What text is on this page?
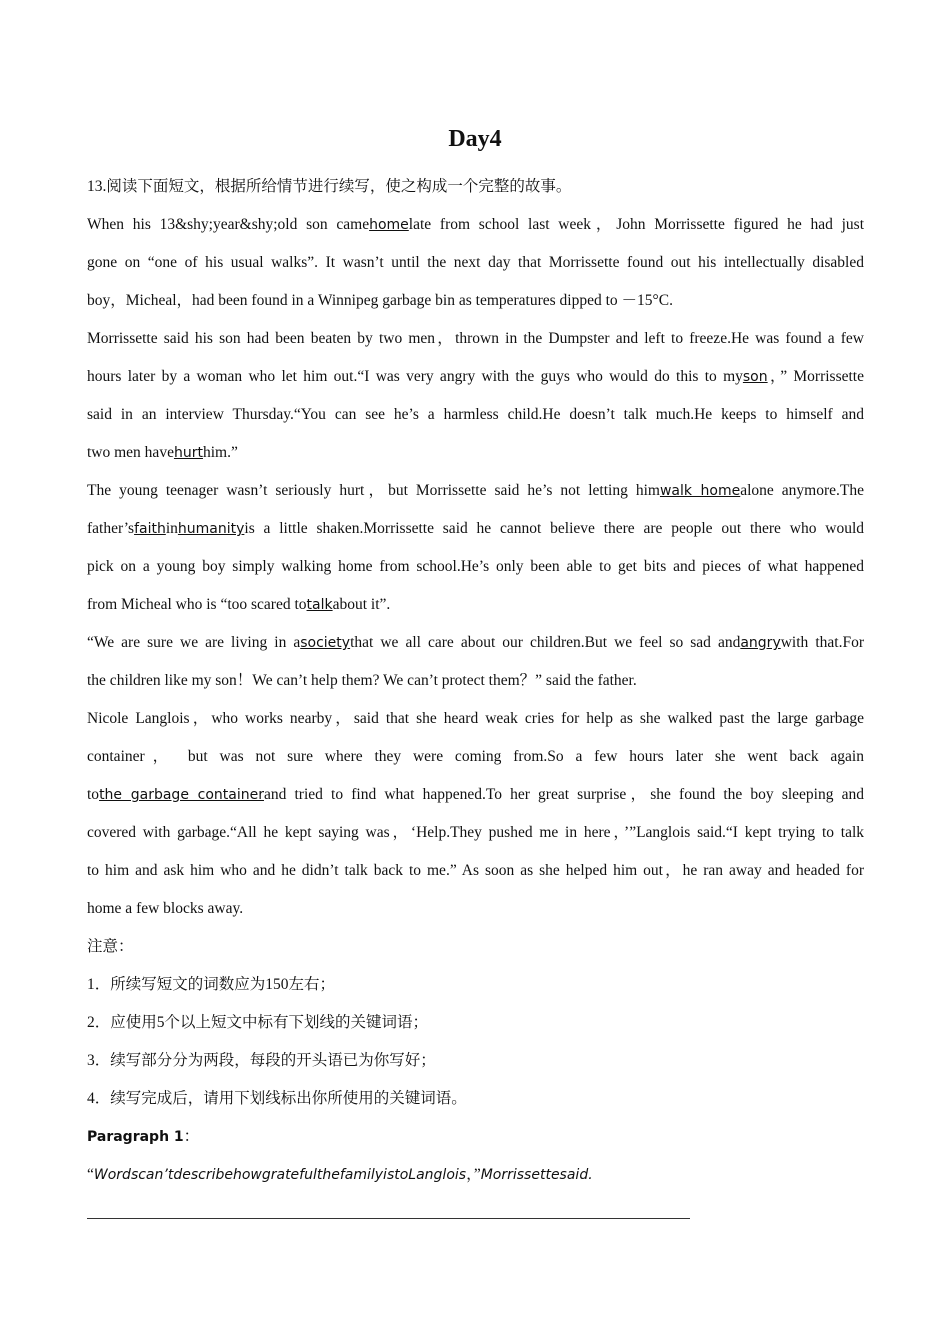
Day4
13.阅读下面短文，根据所给情节进行续写，使之构成一个完整的故事。
When his 13&shy;year&shy;old son camehomelate from school last week，John Morrissette figured he had just
gone on “one of his usual walks”. It wasn’t until the next day that Morrissette found out his intellectually disabled
boy，Micheal，had been found in a Winnipeg garbage bin as temperatures dipped to －15°C.
Morrissette said his son had been beaten by two men，thrown in the Dumpster and left to freeze.He was found a few
hours later by a woman who let him out.“I was very angry with the guys who would do this to myson，” Morrissette
said in an interview Thursday.“You can see he’s a harmless child.He doesn’t talk much.He keeps to himself and
two men havehurthim.”
The young teenager wasn’t seriously hurt，but Morrissette said he’s not letting himwalk homealone anymore.The
father’sfaithinhumanityis a little shaken.Morrissette said he cannot believe there are people out there who would
pick on a young boy simply walking home from school.He’s only been able to get bits and pieces of what happened
from Micheal who is “too scared totalkabout it”.
“We are sure we are living in asocietythat we all care about our children.But we feel so sad andangrywith that.For
the children like my son！We can’t help them? We can’t protect them？” said the father.
Nicole Langlois，who works nearby，said that she heard weak cries for help as she walked past the large garbage
container， but was not sure where they were coming from.So a few hours later she went back again
tothe garbage containerand tried to find what happened.To her great surprise，she found the boy sleeping and
covered with garbage.“All he kept saying was，‘Help.They pushed me in here，’”Langlois said.“I kept trying to talk
to him and ask him who and he didn’t talk back to me.” As soon as she helped him out，he ran away and headed for
home a few blocks away.
注意：
1．所续写短文的词数应为150左右；
2．应使用5个以上短文中标有下划线的关键词语；
3．续写部分分为两段，每段的开头语已为你写好；
4．续写完成后，请用下划线标出你所使用的关键词语。
Paragraph 1：
“Wordscan’tdescribehowgratefulthefamilyistoLanglois，”Morrissettesaid.
